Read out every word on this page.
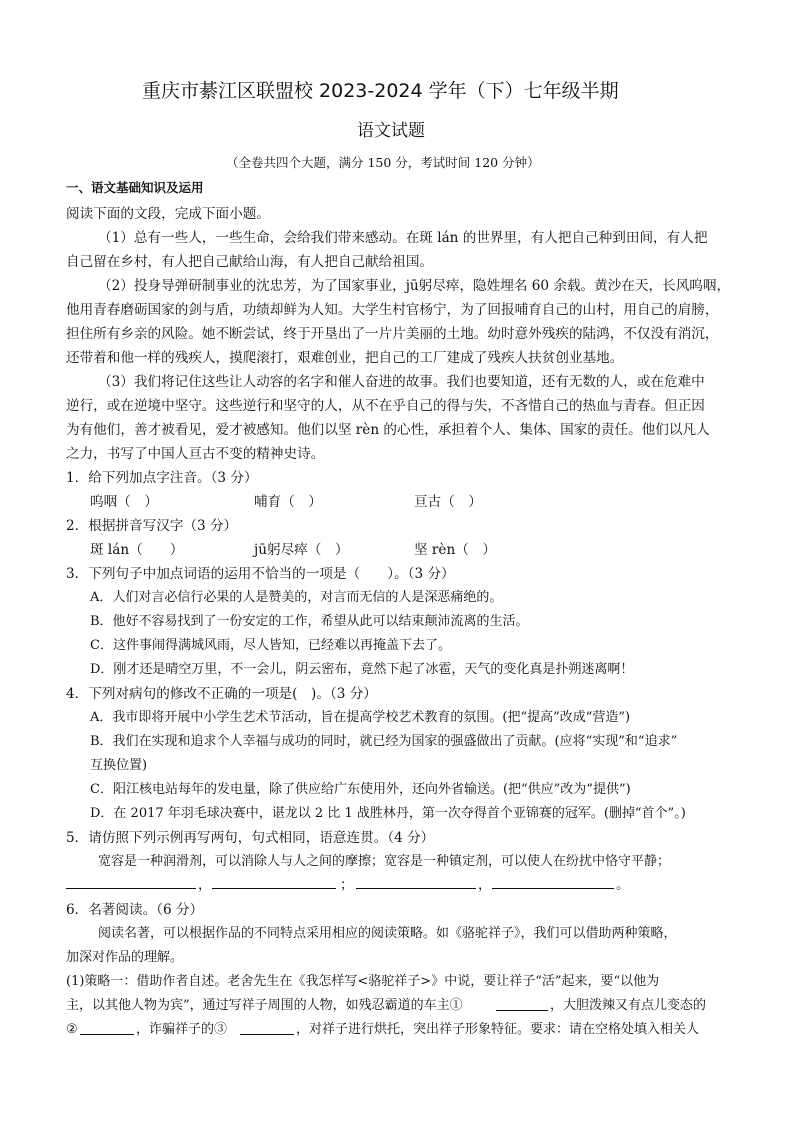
重庆市綦江区联盟校 2023-2024 学年（下）七年级半期
语文试题
（全卷共四个大题，满分 150 分，考试时间 120 分钟）
一、语文基础知识及运用
阅读下面的文段，完成下面小题。
（1）总有一些人，一些生命，会给我们带来感动。在斑 lán 的世界里，有人把自己种到田间，有人把
自己留在乡村，有人把自己献给山海，有人把自己献给祖国。
（2）投身导弹研制事业的沈忠芳，为了国家事业，jū躬尽瘁，隐姓埋名 60 余载。黄沙在天，长风呜咽，
他用青春磨砺国家的剑与盾，功绩却鲜为人知。大学生村官杨宁，为了回报哺育自己的山村，用自己的肩膀，
担住所有乡亲的风险。她不断尝试，终于开垦出了一片片美丽的土地。幼时意外残疾的陆鸿，不仅没有消沉，
还带着和他一样的残疾人，摸爬滚打，艰难创业，把自己的工厂建成了残疾人扶贫创业基地。
（3）我们将记住这些让人动容的名字和催人奋进的故事。我们也要知道，还有无数的人，或在危难中
逆行，或在逆境中坚守。这些逆行和坚守的人，从不在乎自己的得与失，不吝惜自己的热血与青春。但正因
为有他们，善才被看见，爱才被感知。他们以坚 rèn 的心性，承担着个人、集体、国家的责任。他们以凡人
之力，书写了中国人亘古不变的精神史诗。
1．给下列加点字注音。（3 分）
呜咽（　）	哺育（　）	亘古（　）
2．根据拼音写汉字（3 分）
斑 lán（　　）	jū躬尽瘁（　）	坚 rèn（　）
3．下列句子中加点词语的运用不恰当的一项是（　　）。（3 分）
A．人们对言必信行必果的人是赞美的，对言而无信的人是深恶痛绝的。
B．他好不容易找到了一份安定的工作，希望从此可以结束颠沛流离的生活。
C．这件事闹得满城风雨，尽人皆知，已经难以再掩盖下去了。
D．刚才还是晴空万里，不一会儿，阴云密布，竟然下起了冰雹，天气的变化真是扑朔迷离啊！
4．下列对病句的修改不正确的一项是(　)。（3 分）
A．我市即将开展中小学生艺术节活动，旨在提高学校艺术教育的氛围。(把“提高”改成“营造”)
B．我们在实现和追求个人幸福与成功的同时，就已经为国家的强盛做出了贡献。(应将“实现”和“追求”
互换位置)
C．阳江核电站每年的发电量，除了供应给广东使用外，还向外省输送。(把“供应”改为“提供”)
D．在 2017 年羽毛球决赛中，谌龙以 2 比 1 战胜林丹，第一次夺得首个亚锦赛的冠军。(删掉“首个”。)
5．请仿照下列示例再写两句，句式相同，语意连贯。（4 分）
宽容是一种润滑剂，可以消除人与人之间的摩擦；宽容是一种镇定剂，可以使人在纷扰中恪守平静；
，	；	，	。
6．名著阅读。（6 分）
阅读名著，可以根据作品的不同特点采用相应的阅读策略。如《骆驼祥子》，我们可以借助两种策略，
加深对作品的理解。
(1)策略一：借助作者自述。老舍先生在《我怎样写<骆驼祥子>》中说，要让祥子“活”起来，要“以他为
主，以其他人物为宾”，通过写祥子周围的人物，如残忍霸道的车主①	，大胆泼辣又有点儿变态的
②	，诈骗祥子的③	，对祥子进行烘托，突出祥子形象特征。要求：请在空格处填入相关人
